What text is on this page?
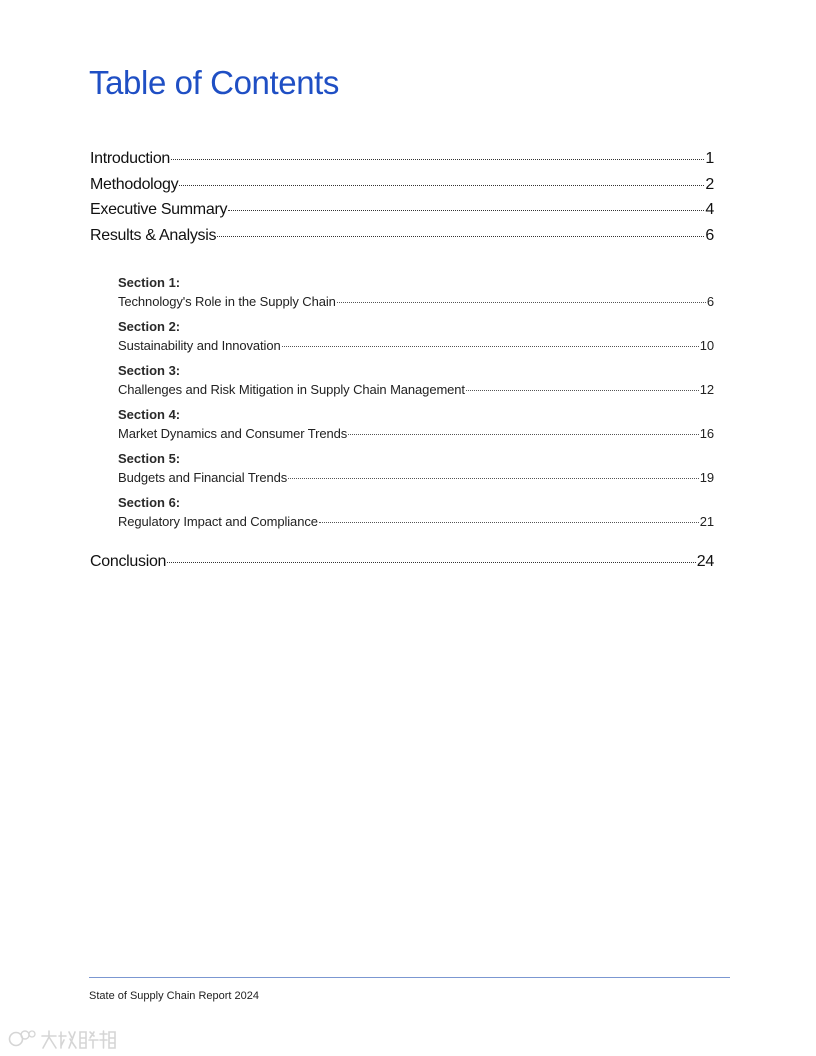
Table of Contents
Introduction	1
Methodology	2
Executive Summary	4
Results & Analysis	6
Section 1:
Technology's Role in the Supply Chain	6
Section 2:
Sustainability and Innovation	10
Section 3:
Challenges and Risk Mitigation in Supply Chain Management	12
Section 4:
Market Dynamics and Consumer Trends	16
Section 5:
Budgets and Financial Trends	19
Section 6:
Regulatory Impact and Compliance	21
Conclusion	24
State of Supply Chain Report 2024
